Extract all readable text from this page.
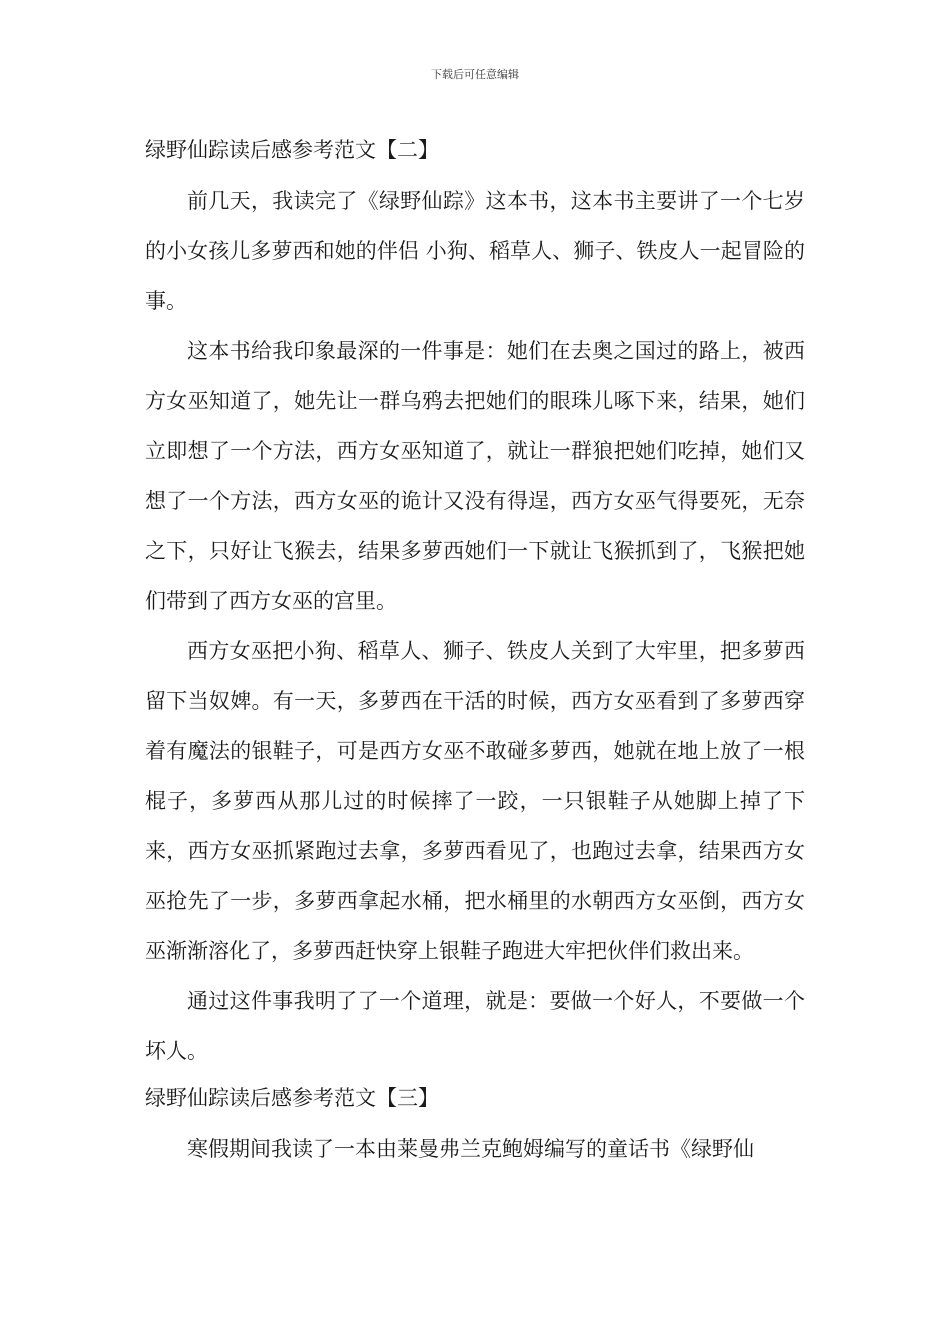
下载后可任意编辑
绿野仙踪读后感参考范文【二】

前几天，我读完了《绿野仙踪》这本书，这本书主要讲了一个七岁的小女孩儿多萝西和她的伴侣 小狗、稻草人、狮子、铁皮人一起冒险的事。

这本书给我印象最深的一件事是：她们在去奥之国过的路上，被西方女巫知道了，她先让一群乌鸦去把她们的眼珠儿啄下来，结果，她们立即想了一个方法，西方女巫知道了，就让一群狼把她们吃掉，她们又想了一个方法，西方女巫的诡计又没有得逞，西方女巫气得要死，无奈之下，只好让飞猴去，结果多萝西她们一下就让飞猴抓到了，飞猴把她们带到了西方女巫的宫里。

西方女巫把小狗、稻草人、狮子、铁皮人关到了大牢里，把多萝西留下当奴婢。有一天，多萝西在干活的时候，西方女巫看到了多萝西穿着有魔法的银鞋子，可是西方女巫不敢碰多萝西，她就在地上放了一根棍子，多萝西从那儿过的时候摔了一跤，一只银鞋子从她脚上掉了下来，西方女巫抓紧跑过去拿，多萝西看见了，也跑过去拿，结果西方女巫抢先了一步，多萝西拿起水桶，把水桶里的水朝西方女巫倒，西方女巫渐渐溶化了，多萝西赶快穿上银鞋子跑进大牢把伙伴们救出来。

通过这件事我明了了一个道理，就是：要做一个好人，不要做一个坏人。

绿野仙踪读后感参考范文【三】

寒假期间我读了一本由莱曼弗兰克鲍姆编写的童话书《绿野仙
